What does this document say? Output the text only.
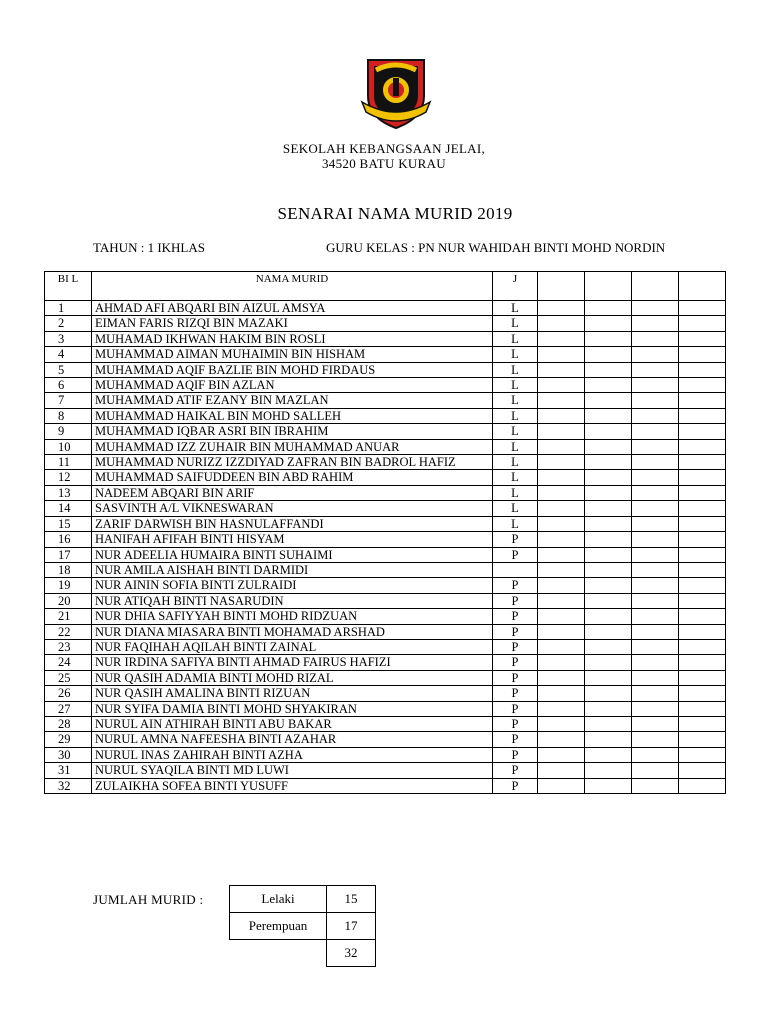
SEKOLAH KEBANGSAAN JELAI,
34520 BATU KURAU
SENARAI NAMA MURID 2019
TAHUN : 1 IKHLAS	GURU KELAS : PN NUR WAHIDAH BINTI MOHD NORDIN
BI L	NAMA MURID	J				
1	AHMAD AFI ABQARI BIN AIZUL AMSYA	L				
2	EIMAN FARIS RIZQI BIN MAZAKI	L				
3	MUHAMAD IKHWAN HAKIM BIN ROSLI	L				
4	MUHAMMAD AIMAN MUHAIMIN BIN HISHAM	L				
5	MUHAMMAD AQIF BAZLIE BIN MOHD FIRDAUS	L				
6	MUHAMMAD AQIF BIN AZLAN	L				
7	MUHAMMAD ATIF EZANY BIN MAZLAN	L				
8	MUHAMMAD HAIKAL BIN MOHD SALLEH	L				
9	MUHAMMAD IQBAR ASRI BIN IBRAHIM	L				
10	MUHAMMAD IZZ ZUHAIR BIN MUHAMMAD ANUAR	L				
11	MUHAMMAD NURIZZ IZZDIYAD ZAFRAN BIN BADROL HAFIZ	L				
12	MUHAMMAD SAIFUDDEEN BIN ABD RAHIM	L				
13	NADEEM ABQARI BIN ARIF	L				
14	SASVINTH A/L VIKNESWARAN	L				
15	ZARIF DARWISH BIN HASNULAFFANDI	L				
16	HANIFAH AFIFAH BINTI HISYAM	P				
17	NUR ADEELIA HUMAIRA BINTI SUHAIMI	P				
18	NUR AMILA AISHAH BINTI DARMIDI					
19	NUR AININ SOFIA BINTI ZULRAIDI	P				
20	NUR ATIQAH BINTI NASARUDIN	P				
21	NUR DHIA SAFIYYAH BINTI MOHD RIDZUAN	P				
22	NUR DIANA MIASARA BINTI MOHAMAD ARSHAD	P				
23	NUR FAQIHAH AQILAH BINTI ZAINAL	P				
24	NUR IRDINA SAFIYA BINTI AHMAD FAIRUS HAFIZI	P				
25	NUR QASIH ADAMIA BINTI MOHD RIZAL	P				
26	NUR QASIH AMALINA BINTI RIZUAN	P				
27	NUR SYIFA DAMIA BINTI MOHD SHYAKIRAN	P				
28	NURUL AIN ATHIRAH BINTI ABU BAKAR	P				
29	NURUL AMNA NAFEESHA BINTI AZAHAR	P				
30	NURUL INAS ZAHIRAH BINTI AZHA	P				
31	NURUL SYAQILA BINTI MD LUWI	P				
32	ZULAIKHA SOFEA BINTI YUSUFF	P				
JUMLAH MURID :	Lelaki	15
Perempuan	17
	32
